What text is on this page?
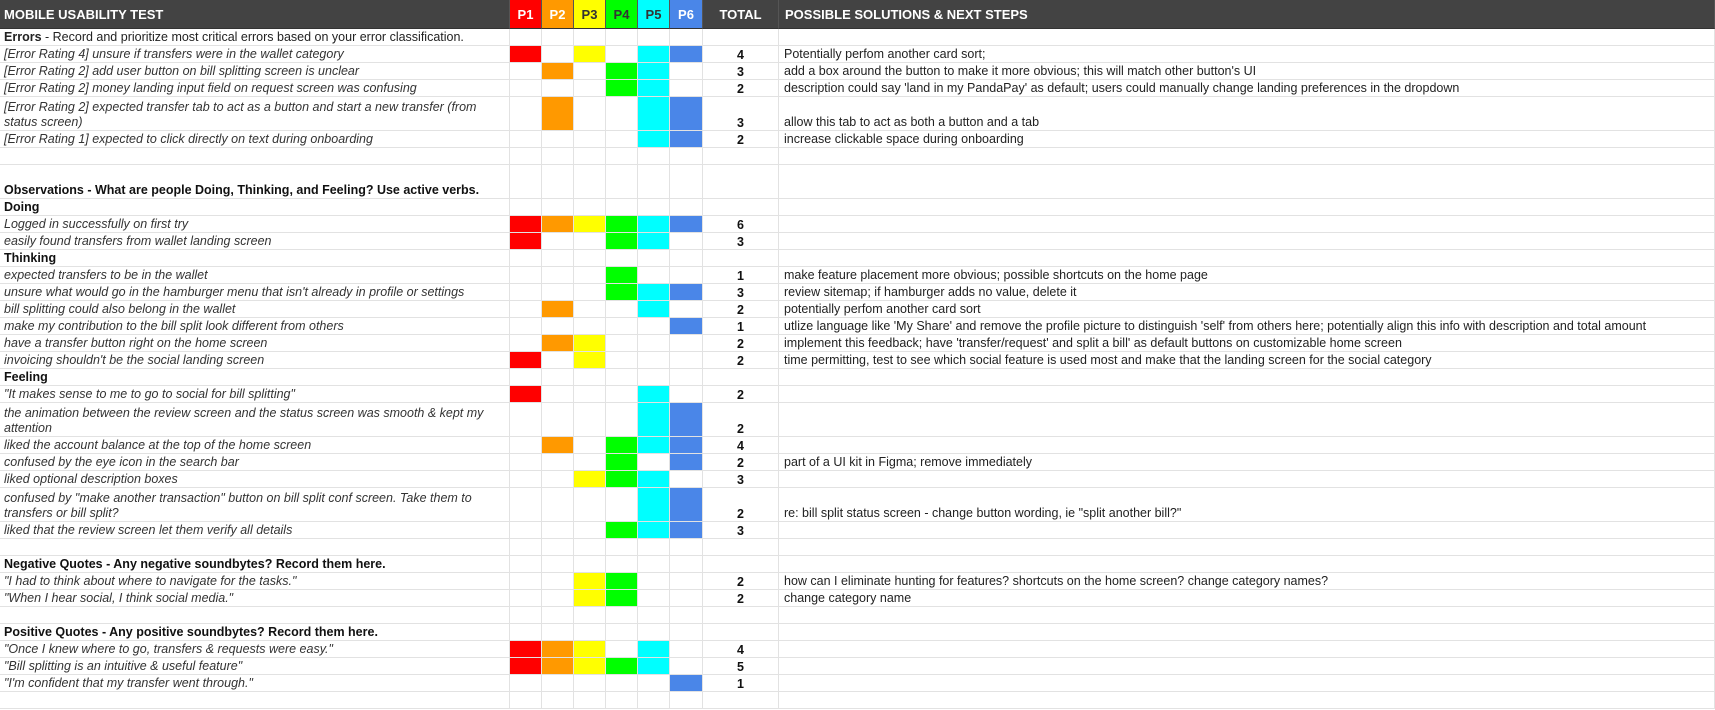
MOBILE USABILITY TEST	P1	P2	P3	P4	P5	P6	TOTAL	POSSIBLE SOLUTIONS & NEXT STEPS
Errors - Record and prioritize most critical errors based on your error classification.
[Error Rating 4] unsure if transfers were in the wallet category	4	Potentially perfom another card sort;
[Error Rating 2] add user button on bill splitting screen is unclear	3	add a box around the button to make it more obvious; this will match other button's UI
[Error Rating 2] money landing input field on request screen was confusing	2	description could say 'land in my PandaPay' as default; users could manually change landing preferences in the dropdown
[Error Rating 2] expected transfer tab to act as a button and start a new transfer (from status screen)	3	allow this tab to act as both a button and a tab
[Error Rating 1] expected to click directly on text during onboarding	2	increase clickable space during onboarding
Observations - What are people Doing, Thinking, and Feeling? Use active verbs.
Doing
Logged in successfully on first try	6
easily found transfers from wallet landing screen	3
Thinking
expected transfers to be in the wallet	1	make feature placement more obvious; possible shortcuts on the home page
unsure what would go in the hamburger menu that isn't already in profile or settings	3	review sitemap; if hamburger adds no value, delete it
bill splitting could also belong in the wallet	2	potentially perfom another card sort
make my contribution to the bill split look different from others	1	utlize language like 'My Share' and remove the profile picture to distinguish 'self' from others here; potentially align this info with description and total amount
have a transfer button right on the home screen	2	implement this feedback; have 'transfer/request' and split a bill' as default buttons on customizable home screen
invoicing shouldn't be the social landing screen	2	time permitting, test to see which social feature is used most and make that the landing screen for the social category
Feeling
"It makes sense to me to go to social for bill splitting"	2
the animation between the review screen and the status screen was smooth & kept my attention	2
liked the account balance at the top of the home screen	4
confused by the eye icon in the search bar	2	part of a UI kit in Figma; remove immediately
liked optional description boxes	3
confused by "make another transaction" button on bill split conf screen. Take them to transfers or bill split?	2	re: bill split status screen - change button wording, ie "split another bill?"
liked that the review screen let them verify all details	3
Negative Quotes - Any negative soundbytes? Record them here.
"I had to think about where to navigate for the tasks."	2	how can I eliminate hunting for features? shortcuts on the home screen? change category names?
"When I hear social, I think social media."	2	change category name
Positive Quotes - Any positive soundbytes? Record them here.
"Once I knew where to go, transfers & requests were easy."	4
"Bill splitting is an intuitive & useful feature"	5
"I'm confident that my transfer went through."	1
